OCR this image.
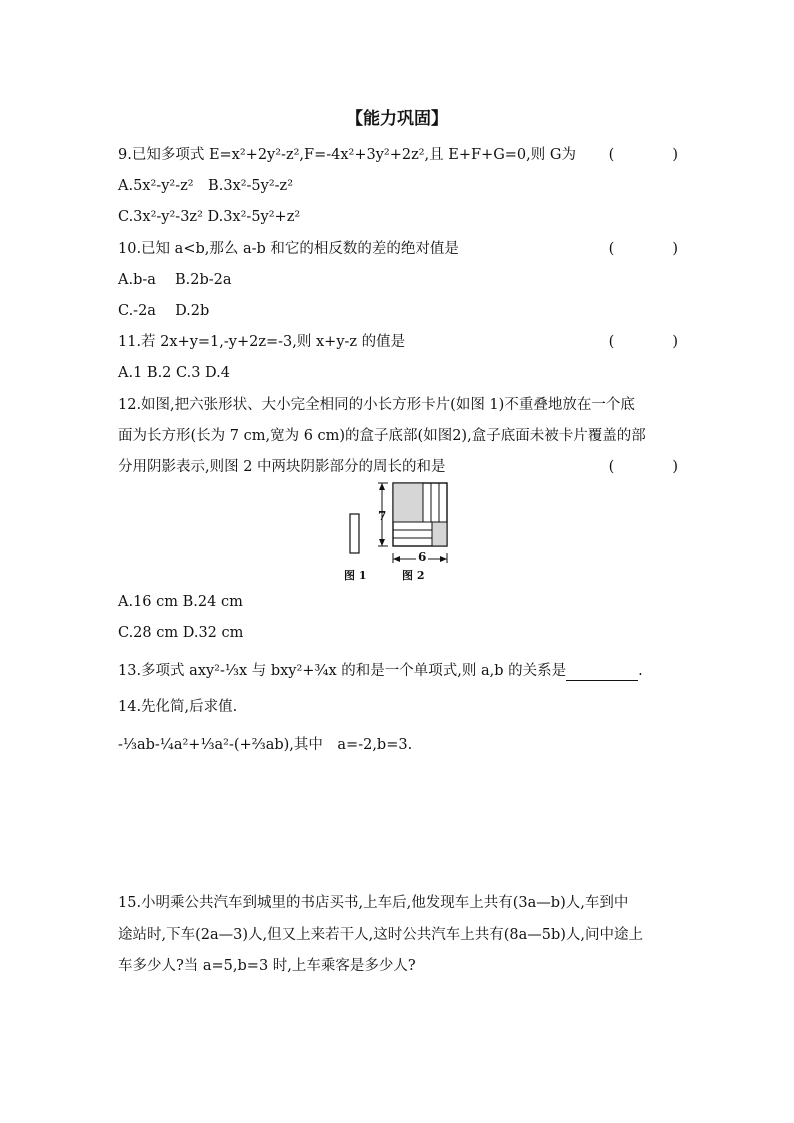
【能力巩固】
9.已知多项式 E=x²+2y²-z²,F=-4x²+3y²+2z²,且 E+F+G=0,则 G为 (　　　　)
A.5x²-y²-z²　B.3x²-5y²-z²
C.3x²-y²-3z² D.3x²-5y²+z²
10.已知 a<b,那么 a-b 和它的相反数的差的绝对值是	(　　　　)
A.b-a　 B.2b-2a
C.-2a　 D.2b
11.若 2x+y=1,-y+2z=-3,则 x+y-z 的值是	(　　　　)
A.1 B.2 C.3 D.4
12.如图,把六张形状、大小完全相同的小长方形卡片(如图 1)不重叠地放在一个底
面为长方形(长为 7 cm,宽为 6 cm)的盒子底部(如图2),盒子底面未被卡片覆盖的部
分用阴影表示,则图 2 中两块阴影部分的周长的和是	(　　　　)
7
6
图 1	图 2
A.16 cm B.24 cm
C.28 cm D.32 cm
13.多项式 axy²-⅓x 与 bxy²+¾x 的和是一个单项式,则 a,b 的关系是	.
14.先化简,后求值.
-⅓ab-¼a²+⅓a²-(+⅔ab),其中　a=-2,b=3.
15.小明乘公共汽车到城里的书店买书,上车后,他发现车上共有(3a—b)人,车到中
途站时,下车(2a—3)人,但又上来若干人,这时公共汽车上共有(8a—5b)人,问中途上
车多少人?当 a=5,b=3 时,上车乘客是多少人?
